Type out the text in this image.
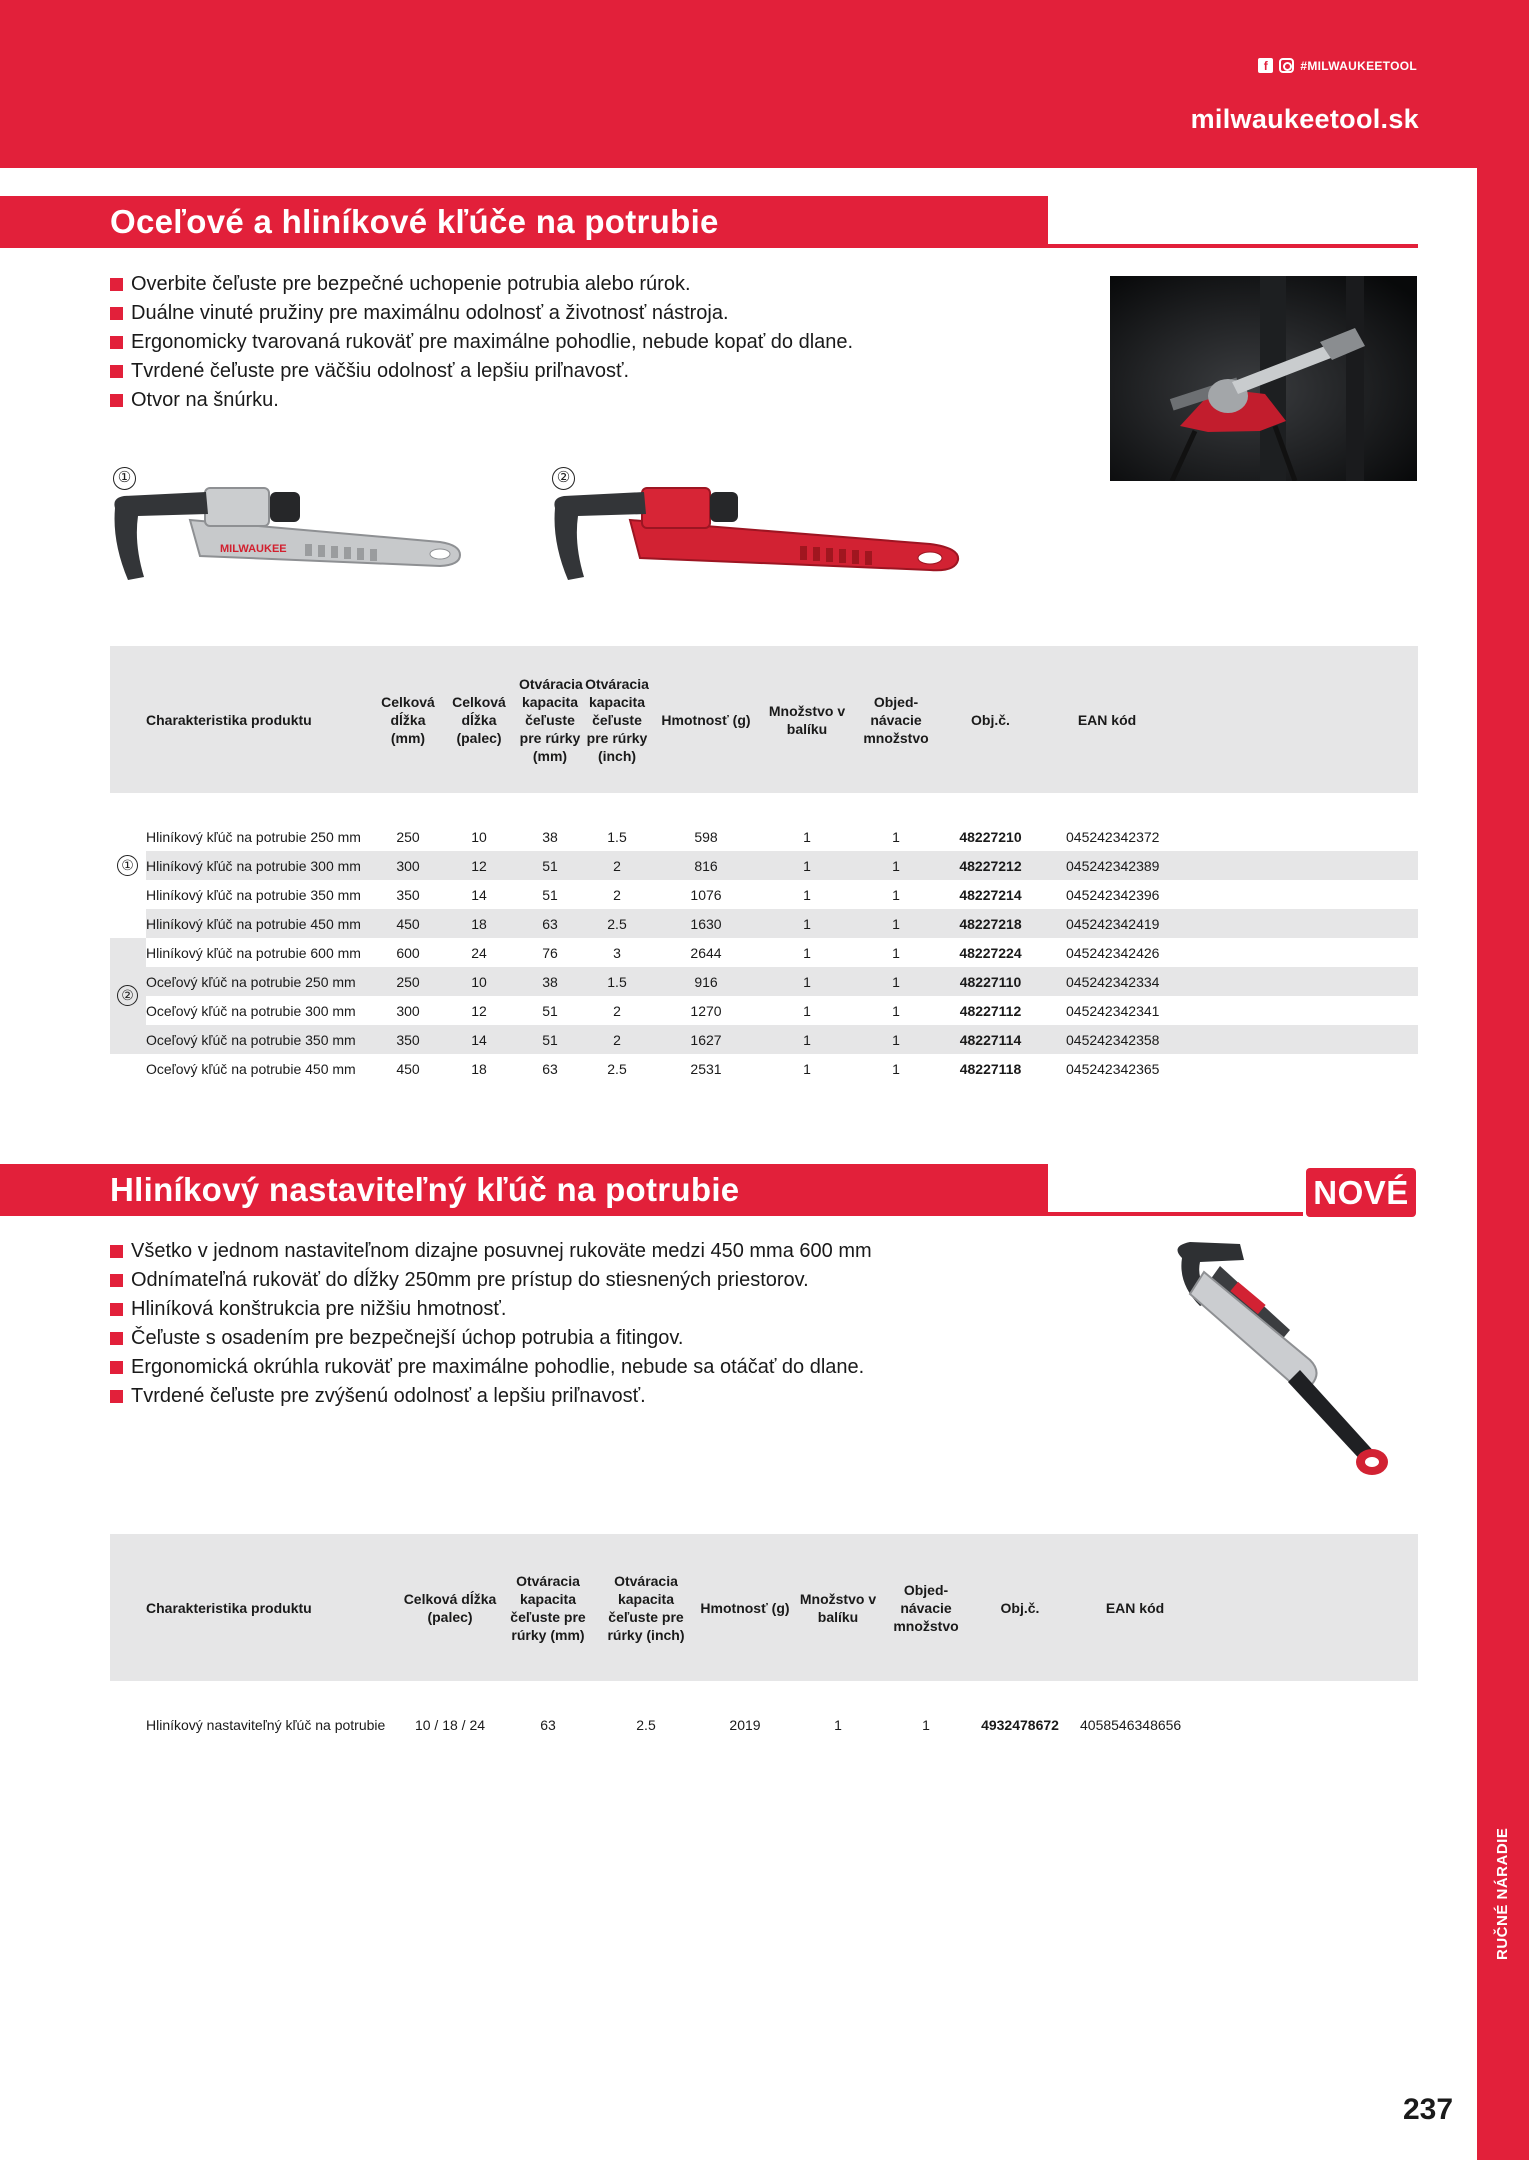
f	#MILWAUKEETOOL
milwaukeetool.sk
Oceľové a hliníkové kľúče na potrubie
Overbite čeľuste pre bezpečné uchopenie potrubia alebo rúrok.
Duálne vinuté pružiny pre maximálnu odolnosť a životnosť nástroja.
Ergonomicky tvarovaná rukoväť pre maximálne pohodlie, nebude kopať do dlane.
Tvrdené čeľuste pre väčšiu odolnosť a lepšiu priľnavosť.
Otvor na šnúrku.
①	②
MILWAUKEE
Charakteristika produktu	Celková dĺžka (mm)	Celková dĺžka (palec)	Otváracia kapacita čeľuste pre rúrky (mm)	Otváracia kapacita čeľuste pre rúrky (inch)	Hmotnosť (g)	Množstvo v balíku	Objed-návacie množstvo	Obj.č.	EAN kód	

Hliníkový kľúč na potrubie 250 mm	250	10	38	1.5	598	1	1	48227210	045242342372	
Hliníkový kľúč na potrubie 300 mm	300	12	51	2	816	1	1	48227212	045242342389	
Hliníkový kľúč na potrubie 350 mm	350	14	51	2	1076	1	1	48227214	045242342396	
Hliníkový kľúč na potrubie 450 mm	450	18	63	2.5	1630	1	1	48227218	045242342419	
Hliníkový kľúč na potrubie 600 mm	600	24	76	3	2644	1	1	48227224	045242342426	
Oceľový kľúč na potrubie 250 mm	250	10	38	1.5	916	1	1	48227110	045242342334	
Oceľový kľúč na potrubie 300 mm	300	12	51	2	1270	1	1	48227112	045242342341	
Oceľový kľúč na potrubie 350 mm	350	14	51	2	1627	1	1	48227114	045242342358	
Oceľový kľúč na potrubie 450 mm	450	18	63	2.5	2531	1	1	48227118	045242342365	
①
②
Hliníkový nastaviteľný kľúč na potrubie	NOVÉ
Všetko v jednom nastaviteľnom dizajne posuvnej rukoväte medzi 450 mma 600 mm
Odnímateľná rukoväť do dĺžky 250mm pre prístup do stiesnených priestorov.
Hliníková konštrukcia pre nižšiu hmotnosť.
Čeľuste s osadením pre bezpečnejší úchop potrubia a fitingov.
Ergonomická okrúhla rukoväť pre maximálne pohodlie, nebude sa otáčať do dlane.
Tvrdené čeľuste pre zvýšenú odolnosť a lepšiu priľnavosť.
Charakteristika produktu	Celková dĺžka (palec)	Otváracia kapacita čeľuste pre rúrky (mm)	Otváracia kapacita čeľuste pre rúrky (inch)	Hmotnosť (g)	Množstvo v balíku	Objed-návacie množstvo	Obj.č.	EAN kód	

Hliníkový nastaviteľný kľúč na potrubie	10 / 18 / 24	63	2.5	2019	1	1	4932478672	4058546348656	
RUČNÉ NÁRADIE
237
